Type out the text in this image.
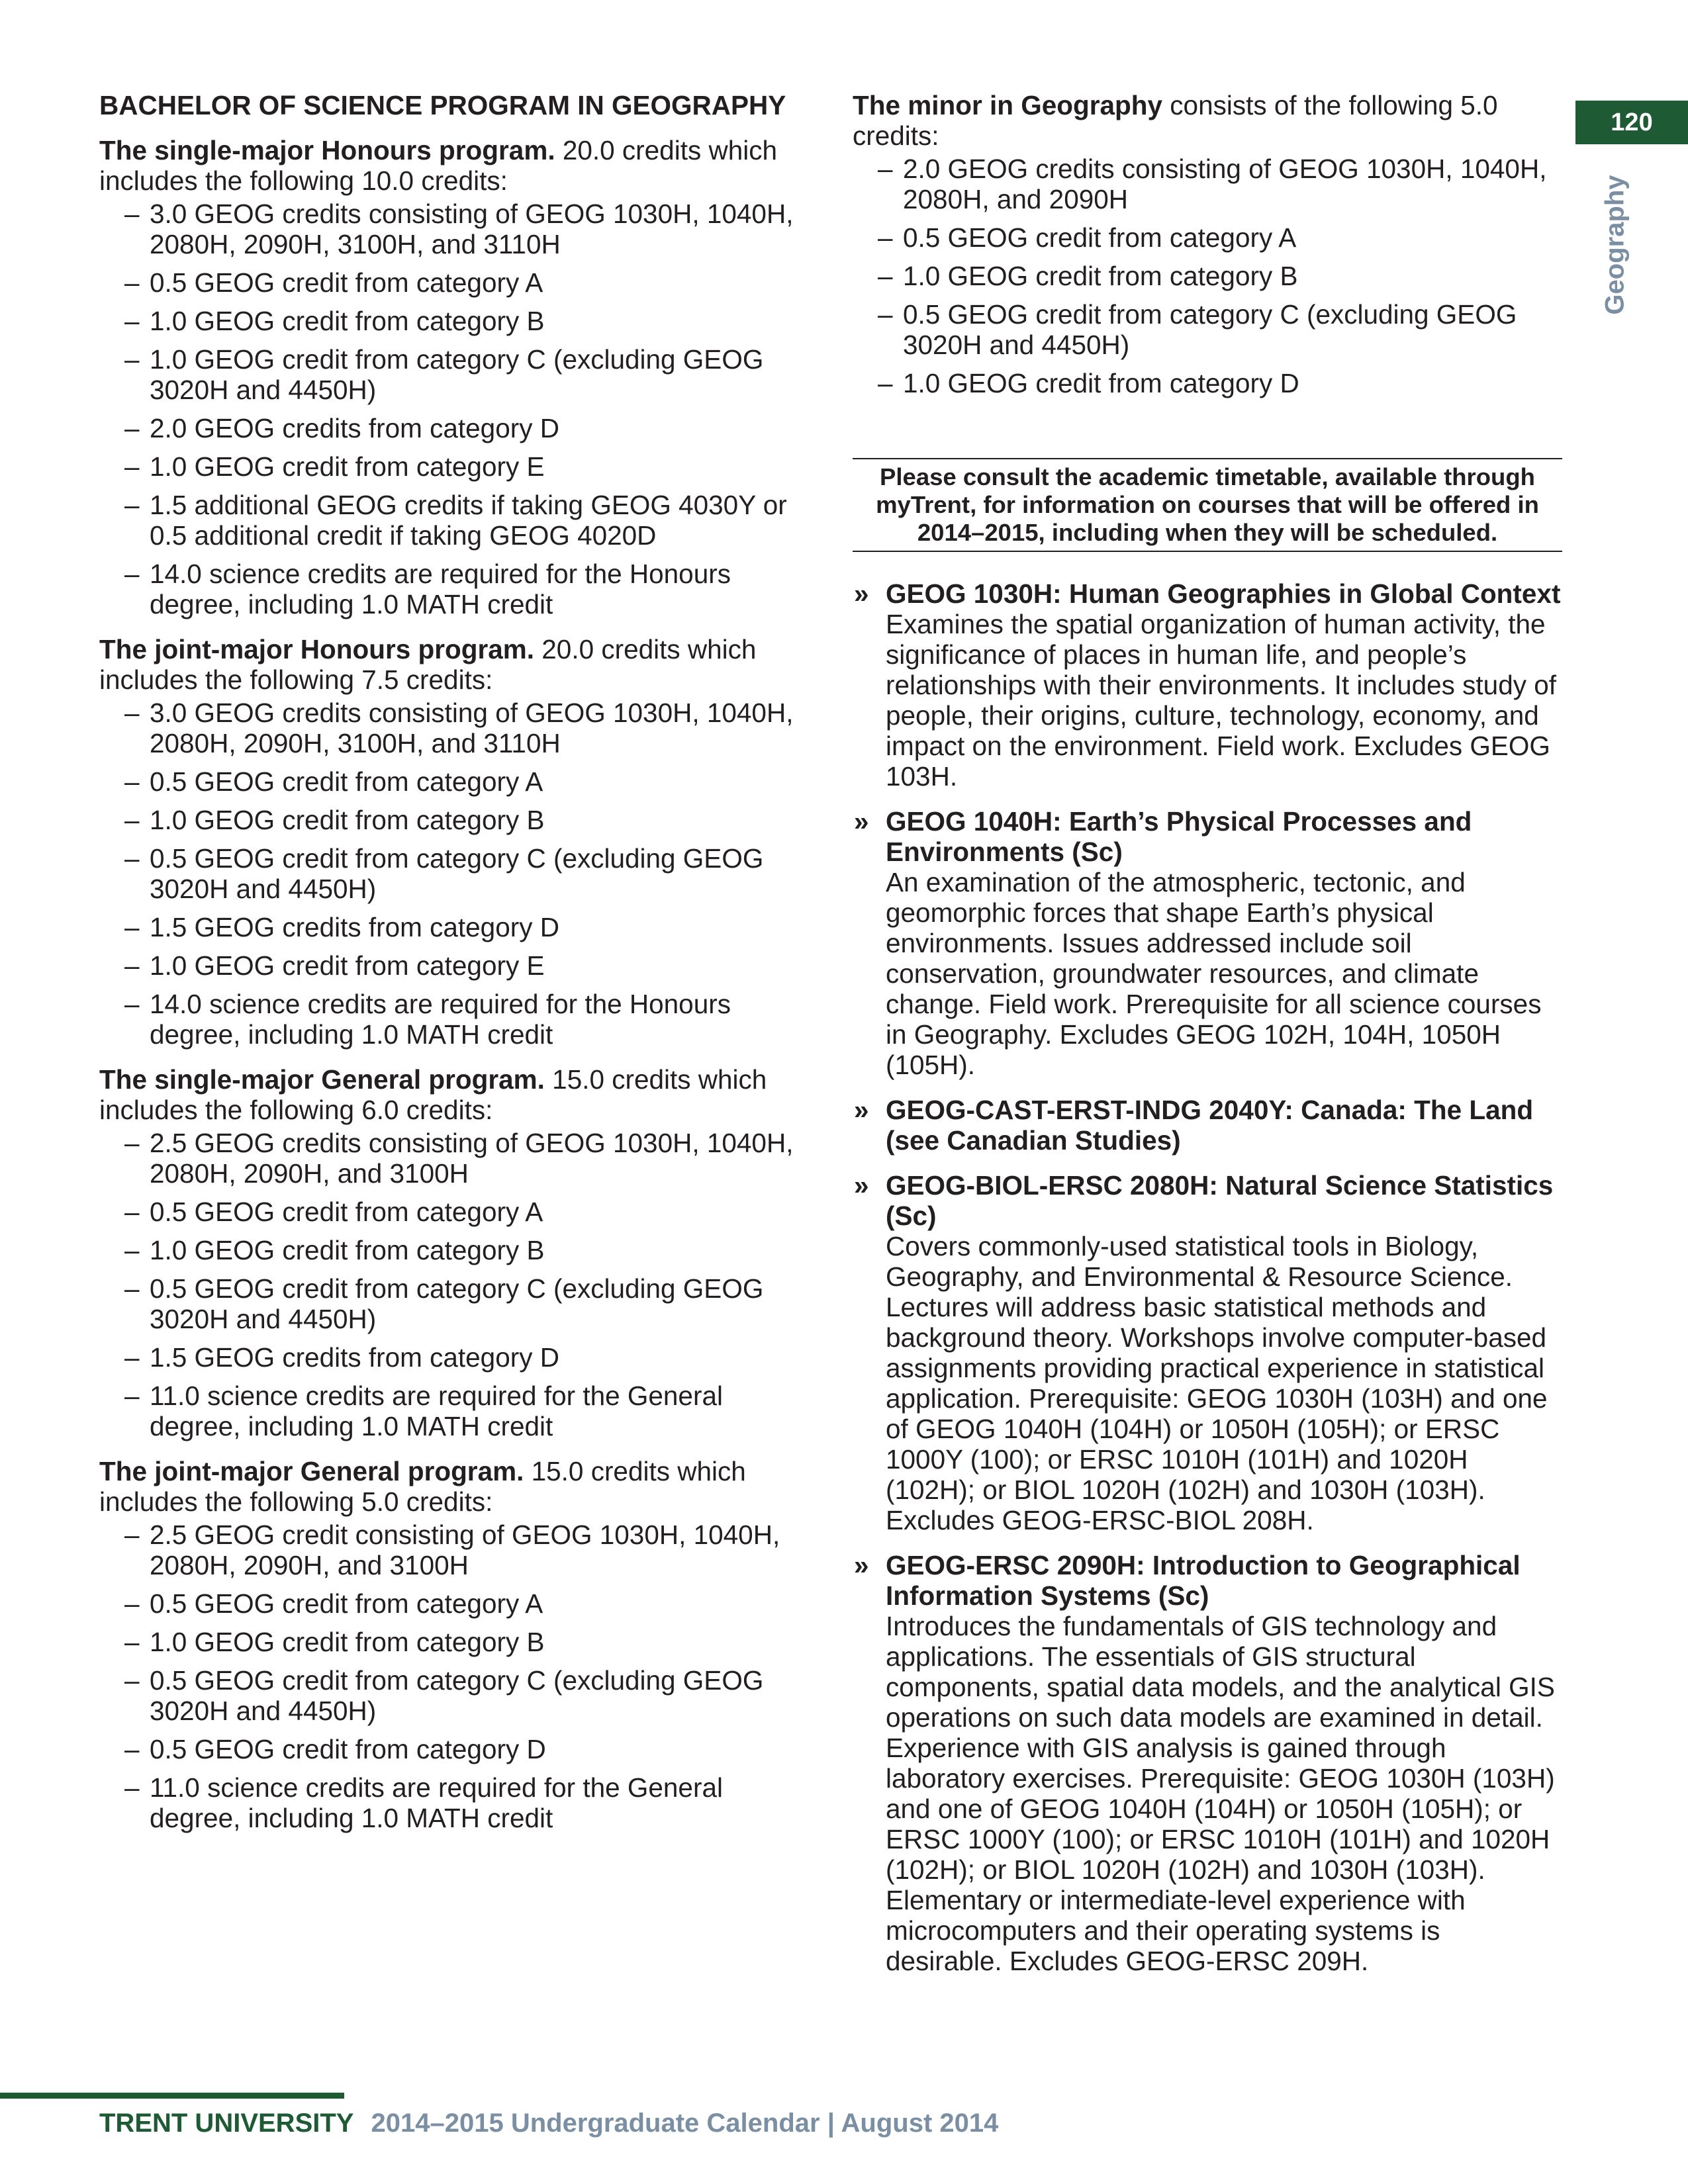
120
Geography
BACHELOR OF SCIENCE PROGRAM IN GEOGRAPHY

The single-major Honours program. 20.0 credits which includes the following 10.0 credits:

– 3.0 GEOG credits consisting of GEOG 1030H, 1040H, 2080H, 2090H, 3100H, and 3110H
– 0.5 GEOG credit from category A
– 1.0 GEOG credit from category B
– 1.0 GEOG credit from category C (excluding GEOG 3020H and 4450H)
– 2.0 GEOG credits from category D
– 1.0 GEOG credit from category E
– 1.5 additional GEOG credits if taking GEOG 4030Y or 0.5 additional credit if taking GEOG 4020D
– 14.0 science credits are required for the Honours degree, including 1.0 MATH credit

The joint-major Honours program. 20.0 credits which includes the following 7.5 credits:

– 3.0 GEOG credits consisting of GEOG 1030H, 1040H, 2080H, 2090H, 3100H, and 3110H
– 0.5 GEOG credit from category A
– 1.0 GEOG credit from category B
– 0.5 GEOG credit from category C (excluding GEOG 3020H and 4450H)
– 1.5 GEOG credits from category D
– 1.0 GEOG credit from category E
– 14.0 science credits are required for the Honours degree, including 1.0 MATH credit

The single-major General program. 15.0 credits which includes the following 6.0 credits:

– 2.5 GEOG credits consisting of GEOG 1030H, 1040H, 2080H, 2090H, and 3100H
– 0.5 GEOG credit from category A
– 1.0 GEOG credit from category B
– 0.5 GEOG credit from category C (excluding GEOG 3020H and 4450H)
– 1.5 GEOG credits from category D
– 11.0 science credits are required for the General degree, including 1.0 MATH credit

The joint-major General program. 15.0 credits which includes the following 5.0 credits:

– 2.5 GEOG credit consisting of GEOG 1030H, 1040H, 2080H, 2090H, and 3100H
– 0.5 GEOG credit from category A
– 1.0 GEOG credit from category B
– 0.5 GEOG credit from category C (excluding GEOG 3020H and 4450H)
– 0.5 GEOG credit from category D
– 11.0 science credits are required for the General degree, including 1.0 MATH credit

The minor in Geography consists of the following 5.0 credits:

– 2.0 GEOG credits consisting of GEOG 1030H, 1040H, 2080H, and 2090H
– 0.5 GEOG credit from category A
– 1.0 GEOG credit from category B
– 0.5 GEOG credit from category C (excluding GEOG 3020H and 4450H)
– 1.0 GEOG credit from category D
Please consult the academic timetable, available through myTrent, for information on courses that will be offered in 2014–2015, including when they will be scheduled.
» GEOG 1030H: Human Geographies in Global Context
Examines the spatial organization of human activity, the significance of places in human life, and people’s relationships with their environments. It includes study of people, their origins, culture, technology, economy, and impact on the environment. Field work. Excludes GEOG 103H.
» GEOG 1040H: Earth’s Physical Processes and Environments (Sc)
An examination of the atmospheric, tectonic, and geomorphic forces that shape Earth’s physical environments. Issues addressed include soil conservation, groundwater resources, and climate change. Field work. Prerequisite for all science courses in Geography. Excludes GEOG 102H, 104H, 1050H (105H).
» GEOG-CAST-ERST-INDG 2040Y: Canada: The Land (see Canadian Studies)
» GEOG-BIOL-ERSC 2080H: Natural Science Statistics (Sc)
Covers commonly-used statistical tools in Biology, Geography, and Environmental & Resource Science. Lectures will address basic statistical methods and background theory. Workshops involve computer-based assignments providing practical experience in statistical application. Prerequisite: GEOG 1030H (103H) and one of GEOG 1040H (104H) or 1050H (105H); or ERSC 1000Y (100); or ERSC 1010H (101H) and 1020H (102H); or BIOL 1020H (102H) and 1030H (103H). Excludes GEOG-ERSC-BIOL 208H.
» GEOG-ERSC 2090H: Introduction to Geographical Information Systems (Sc)
Introduces the fundamentals of GIS technology and applications. The essentials of GIS structural components, spatial data models, and the analytical GIS operations on such data models are examined in detail. Experience with GIS analysis is gained through laboratory exercises. Prerequisite: GEOG 1030H (103H) and one of GEOG 1040H (104H) or 1050H (105H); or ERSC 1000Y (100); or ERSC 1010H (101H) and 1020H (102H); or BIOL 1020H (102H) and 1030H (103H). Elementary or intermediate-level experience with microcomputers and their operating systems is desirable. Excludes GEOG-ERSC 209H.
TRENT UNIVERSITY 2014–2015 Undergraduate Calendar | August 2014
